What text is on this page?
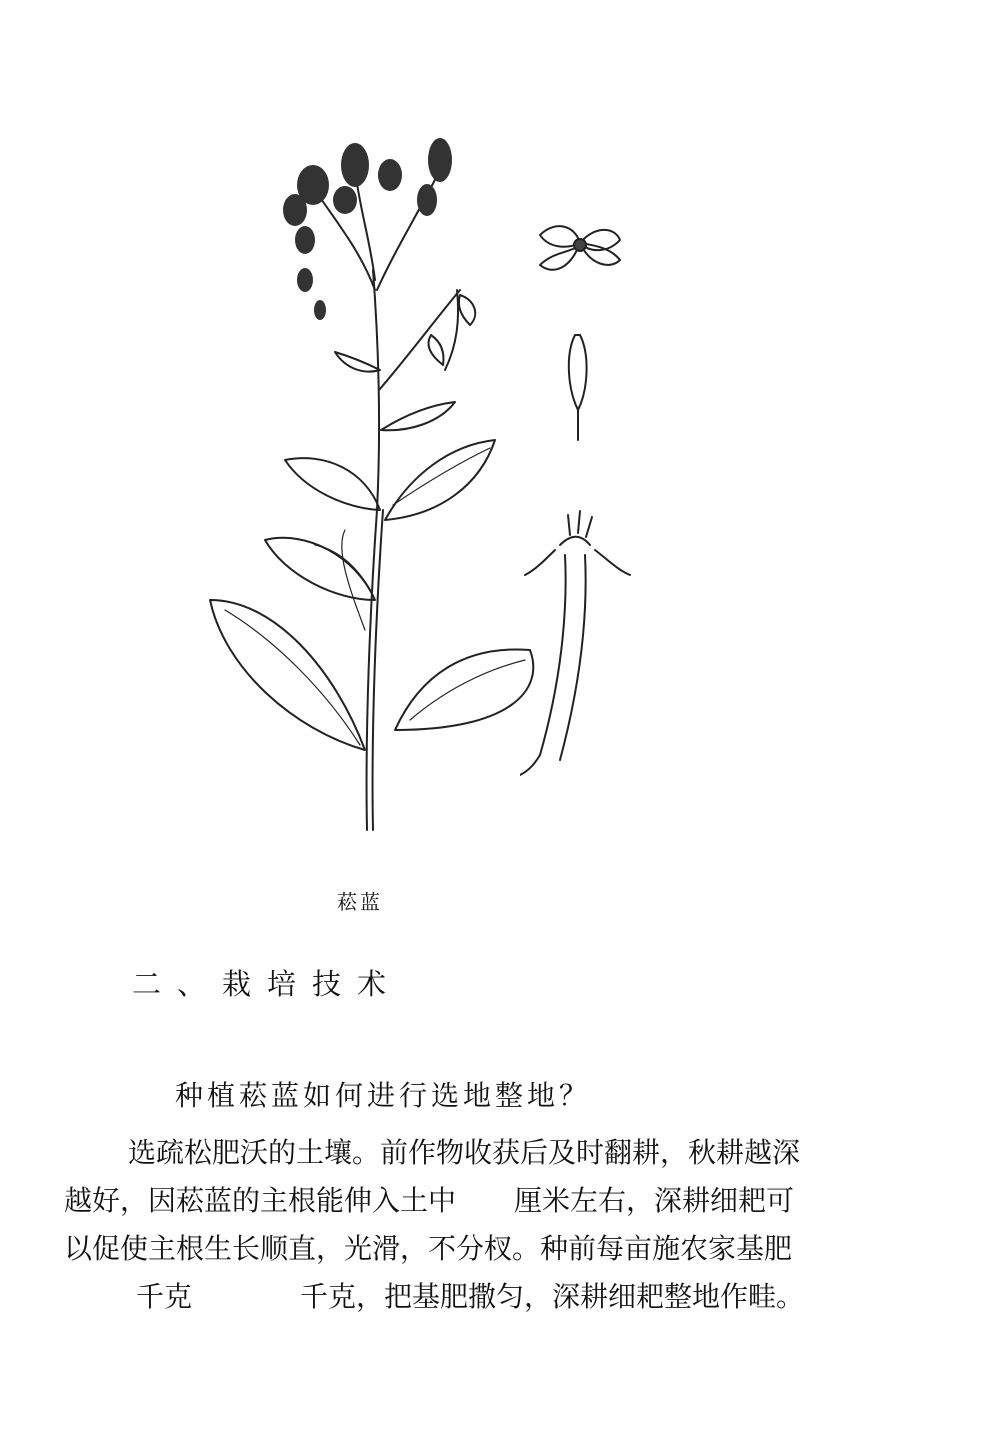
菘蓝
二、栽培技术
种植菘蓝如何进行选地整地？
选疏松肥沃的土壤。前作物收获后及时翻耕，秋耕越深
越好，因菘蓝的主根能伸入土中 厘米左右，深耕细耙可
以促使主根生长顺直，光滑，不分杈。种前每亩施农家基肥
千克	千克，把基肥撒匀，深耕细耙整地作畦。
